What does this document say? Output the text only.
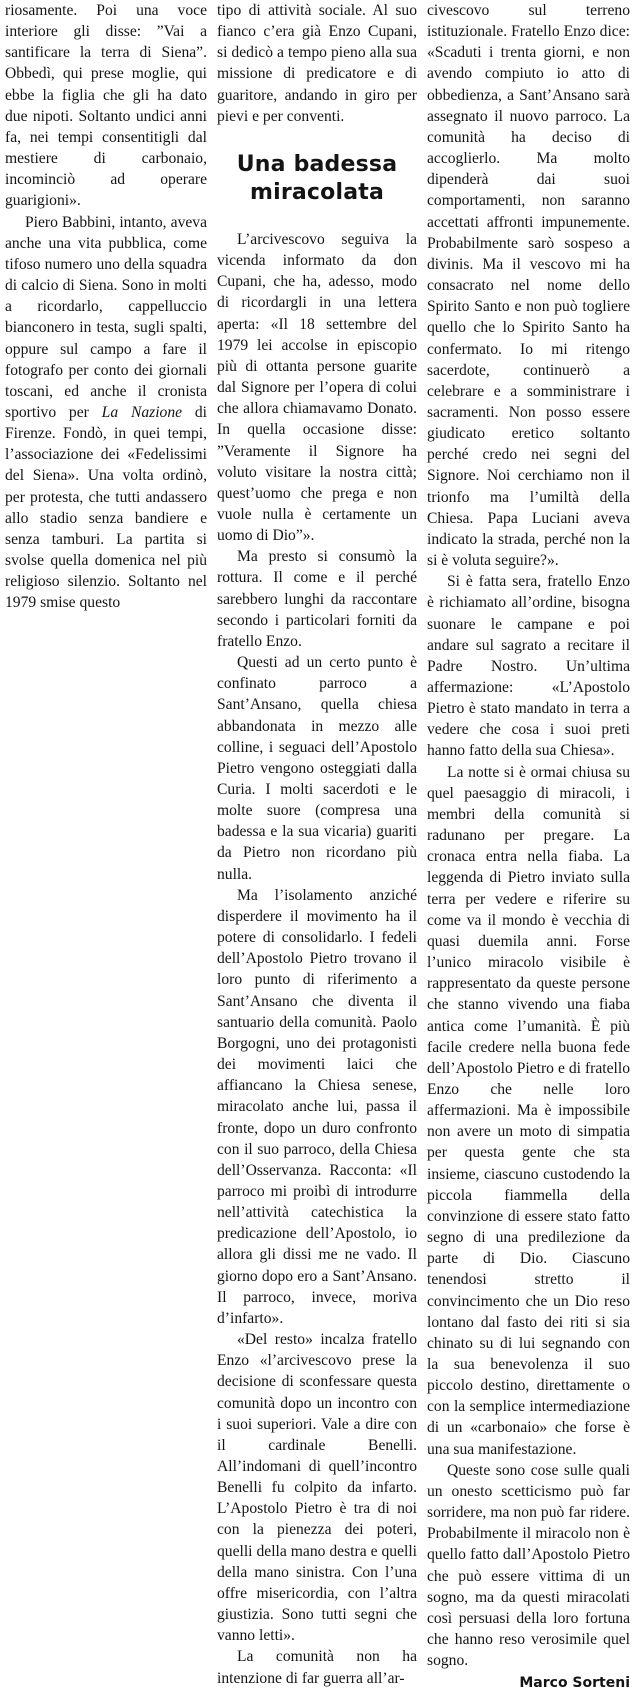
riosamente. Poi una voce interiore gli disse: ”Vai a santificare la terra di Siena”. Obbedì, qui prese moglie, qui ebbe la figlia che gli ha dato due nipoti. Soltanto undici anni fa, nei tempi consentitigli dal mestiere di carbonaio, incominciò ad operare guarigioni».

Piero Babbini, intanto, aveva anche una vita pubblica, come tifoso numero uno della squadra di calcio di Siena. Sono in molti a ricordarlo, cappelluccio bianconero in testa, sugli spalti, oppure sul campo a fare il fotografo per conto dei giornali toscani, ed anche il cronista sportivo per La Nazione di Firenze. Fondò, in quei tempi, l’associazione dei «Fedelissimi del Siena». Una volta ordinò, per protesta, che tutti andassero allo stadio senza bandiere e senza tamburi. La partita si svolse quella domenica nel più religioso silenzio. Soltanto nel 1979 smise questo

tipo di attività sociale. Al suo fianco c’era già Enzo Cupani, si dedicò a tempo pieno alla sua missione di predicatore e di guaritore, andando in giro per pievi e per conventi.

Una badessa
miracolata

L’arcivescovo seguiva la vicenda informato da don Cupani, che ha, adesso, modo di ricordargli in una lettera aperta: «Il 18 settembre del 1979 lei accolse in episcopio più di ottanta persone guarite dal Signore per l’opera di colui che allora chiamavamo Donato. In quella occasione disse: ”Veramente il Signore ha voluto visitare la nostra città; quest’uomo che prega e non vuole nulla è certamente un uomo di Dio”».

Ma presto si consumò la rottura. Il come e il perché sarebbero lunghi da raccontare secondo i particolari forniti da fratello Enzo.

Questi ad un certo punto è confinato parroco a Sant’Ansano, quella chiesa abbandonata in mezzo alle colline, i seguaci dell’Apostolo Pietro vengono osteggiati dalla Curia. I molti sacerdoti e le molte suore (compresa una badessa e la sua vicaria) guariti da Pietro non ricordano più nulla.

Ma l’isolamento anziché disperdere il movimento ha il potere di consolidarlo. I fedeli dell’Apostolo Pietro trovano il loro punto di riferimento a Sant’Ansano che diventa il santuario della comunità. Paolo Borgogni, uno dei protagonisti dei movimenti laici che affiancano la Chiesa senese, miracolato anche lui, passa il fronte, dopo un duro confronto con il suo parroco, della Chiesa dell’Osservanza. Racconta: «Il parroco mi proibì di introdurre nell’attività catechistica la predicazione dell’Apostolo, io allora gli dissi me ne vado. Il giorno dopo ero a Sant’Ansano. Il parroco, invece, moriva d’infarto».

«Del resto» incalza fratello Enzo «l’arcivescovo prese la decisione di sconfessare questa comunità dopo un incontro con i suoi superiori. Vale a dire con il cardinale Benelli. All’indomani di quell’incontro Benelli fu colpito da infarto. L’Apostolo Pietro è tra di noi con la pienezza dei poteri, quelli della mano destra e quelli della mano sinistra. Con l’una offre misericordia, con l’altra giustizia. Sono tutti segni che vanno letti».

La comunità non ha intenzione di far guerra all’ar-

civescovo sul terreno istituzionale. Fratello Enzo dice: «Scaduti i trenta giorni, e non avendo compiuto io atto di obbedienza, a Sant’Ansano sarà assegnato il nuovo parroco. La comunità ha deciso di accoglierlo. Ma molto dipenderà dai suoi comportamenti, non saranno accettati affronti impunemente. Probabilmente sarò sospeso a divinis. Ma il vescovo mi ha consacrato nel nome dello Spirito Santo e non può togliere quello che lo Spirito Santo ha confermato. Io mi ritengo sacerdote, continuerò a celebrare e a somministrare i sacramenti. Non posso essere giudicato eretico soltanto perché credo nei segni del Signore. Noi cerchiamo non il trionfo ma l’umiltà della Chiesa. Papa Luciani aveva indicato la strada, perché non la si è voluta seguire?».

Si è fatta sera, fratello Enzo è richiamato all’ordine, bisogna suonare le campane e poi andare sul sagrato a recitare il Padre Nostro. Un’ultima affermazione: «L’Apostolo Pietro è stato mandato in terra a vedere che cosa i suoi preti hanno fatto della sua Chiesa».

La notte si è ormai chiusa su quel paesaggio di miracoli, i membri della comunità si radunano per pregare. La cronaca entra nella fiaba. La leggenda di Pietro inviato sulla terra per vedere e riferire su come va il mondo è vecchia di quasi duemila anni. Forse l’unico miracolo visibile è rappresentato da queste persone che stanno vivendo una fiaba antica come l’umanità. È più facile credere nella buona fede dell’Apostolo Pietro e di fratello Enzo che nelle loro affermazioni. Ma è impossibile non avere un moto di simpatia per questa gente che sta insieme, ciascuno custodendo la piccola fiammella della convinzione di essere stato fatto segno di una predilezione da parte di Dio. Ciascuno tenendosi stretto il convincimento che un Dio reso lontano dal fasto dei riti si sia chinato su di lui segnando con la sua benevolenza il suo piccolo destino, direttamente o con la semplice intermediazione di un «carbonaio» che forse è una sua manifestazione.

Queste sono cose sulle quali un onesto scetticismo può far sorridere, ma non può far ridere. Probabilmente il miracolo non è quello fatto dall’Apostolo Pietro che può essere vittima di un sogno, ma da questi miracolati così persuasi della loro fortuna che hanno reso verosimile quel sogno.

Marco Sorteni
